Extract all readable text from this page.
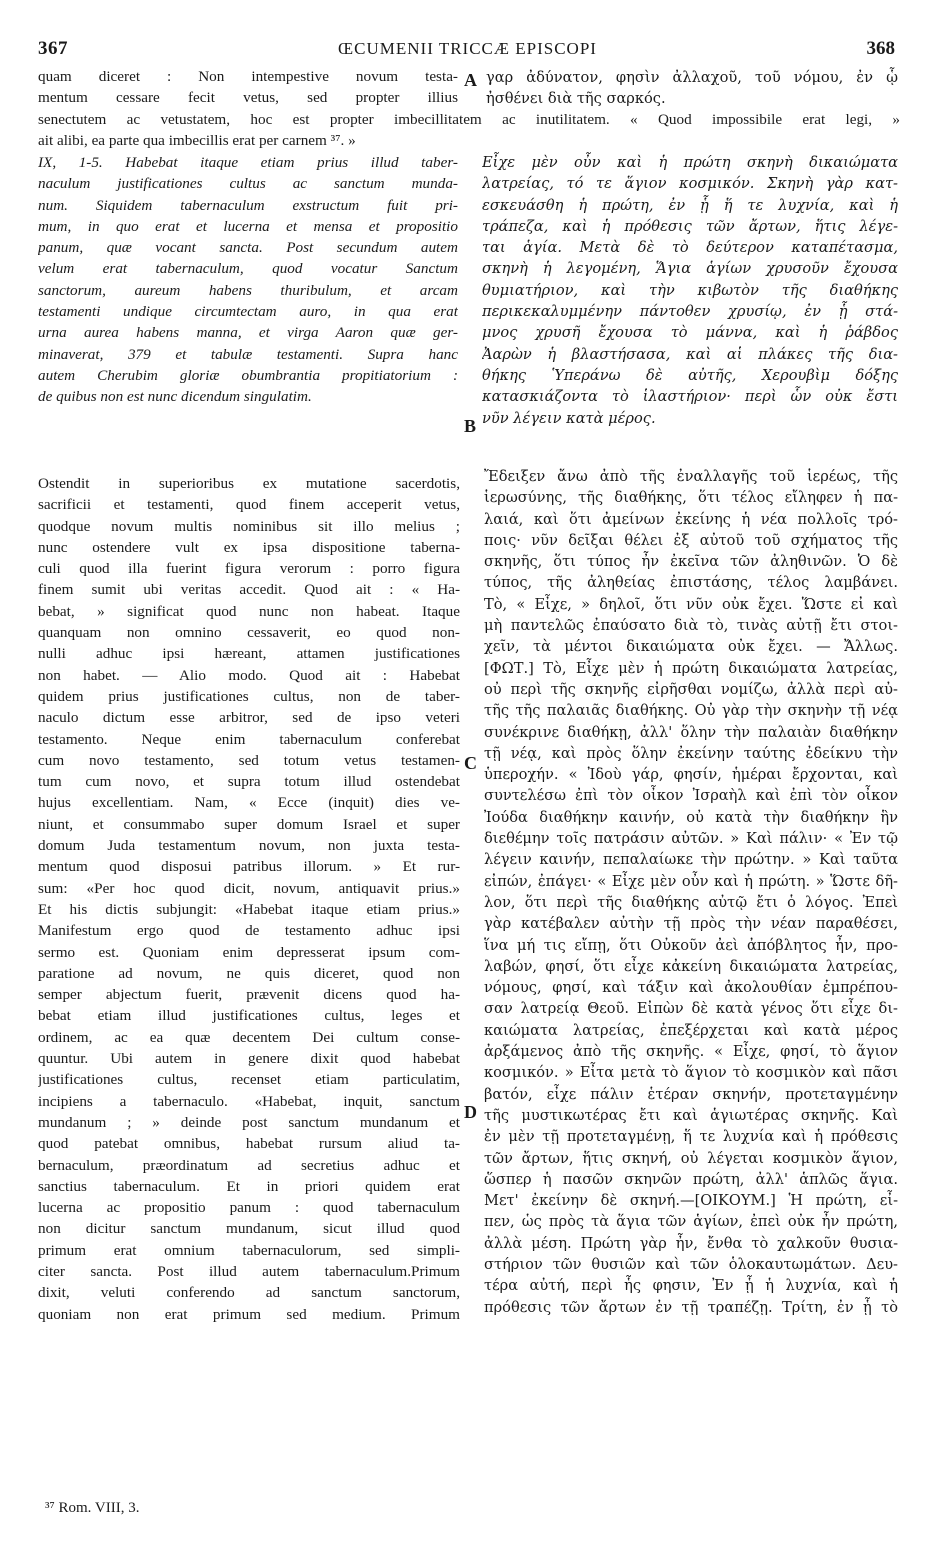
367	ŒCUMENII TRICCÆ EPISCOPI	368
quam diceret : Non intempestive novum testa-
mentum cessare fecit vetus, sed propter illius
γαρ ἀδύνατον, φησὶν ἀλλαχοῦ, τοῦ νόμου, ἐν ᾧ
ἠσθένει διὰ τῆς σαρκός.
senectutem ac vetustatem, hoc est propter imbecillitatem ac inutilitatem. « Quod impossibile erat legi, »
ait alibi, ea parte qua imbecillis erat per carnem ³⁷. »
IX, 1-5. Habebat itaque etiam prius illud taber-
naculum justificationes cultus ac sanctum munda-
num. Siquidem tabernaculum exstructum fuit pri-
mum, in quo erat et lucerna et mensa et propositio
panum, quæ vocant sancta. Post secundum autem
velum erat tabernaculum, quod vocatur Sanctum
sanctorum, aureum habens thuribulum, et arcam
testamenti undique circumtectam auro, in qua erat
urna aurea habens manna, et virga Aaron quæ ger-
minaverat, 379 et tabulæ testamenti. Supra hanc
autem Cherubim gloriæ obumbrantia propitiatorium :
de quibus non est nunc dicendum singulatim.
Εἶχε μὲν οὖν καὶ ἡ πρώτη σκηνὴ δικαιώματα
λατρείας, τό τε ἅγιον κοσμικόν. Σκηνὴ γὰρ κατ-
εσκευάσθη ἡ πρώτη, ἐν ᾗ ἥ τε λυχνία, καὶ ἡ
τράπεζα, καὶ ἡ πρόθεσις τῶν ἄρτων, ἥτις λέγε-
ται ἁγία. Μετὰ δὲ τὸ δεύτερον καταπέτασμα,
σκηνὴ ἡ λεγομένη, Ἅγια ἁγίων χρυσοῦν ἔχουσα
θυμιατήριον, καὶ τὴν κιβωτὸν τῆς διαθήκης
περικεκαλυμμένην πάντοθεν χρυσίῳ, ἐν ᾗ στά-
μνος χρυσῆ ἔχουσα τὸ μάννα, καὶ ἡ ῥάβδος
Ἀαρὼν ἡ βλαστήσασα, καὶ αἱ πλάκες τῆς δια-
θήκης Ὑπεράνω δὲ αὐτῆς, Χερουβὶμ δόξης
κατασκιάζοντα τὸ ἱλαστήριον· περὶ ὧν οὐκ ἔστι
νῦν λέγειν κατὰ μέρος.
Ostendit in superioribus ex mutatione sacerdotis,
sacrificii et testamenti, quod finem acceperit vetus,
quodque novum multis nominibus sit illo melius ;
nunc ostendere vult ex ipsa dispositione taberna-
culi quod illa fuerint figura verorum : porro figura
finem sumit ubi veritas accedit. Quod ait : « Ha-
bebat, » significat quod nunc non habeat. Itaque
quanquam non omnino cessaverit, eo quod non-
nulli adhuc ipsi hæreant, attamen justificationes
non habet. — Alio modo. Quod ait : Habebat
quidem prius justificationes cultus, non de taber-
naculo dictum esse arbitror, sed de ipso veteri
testamento. Neque enim tabernaculum conferebat
cum novo testamento, sed totum vetus testamen-
tum cum novo, et supra totum illud ostendebat
hujus excellentiam. Nam, « Ecce (inquit) dies ve-
niunt, et consummabo super domum Israel et super
domum Juda testamentum novum, non juxta testa-
mentum quod disposui patribus illorum. » Et rur-
sum: «Per hoc quod dicit, novum, antiquavit prius.»
Et his dictis subjungit: «Habebat itaque etiam prius.»
Manifestum ergo quod de testamento adhuc ipsi
sermo est. Quoniam enim depresserat ipsum com-
paratione ad novum, ne quis diceret, quod non
semper abjectum fuerit, prævenit dicens quod ha-
bebat etiam illud justificationes cultus, leges et
ordinem, ac ea quæ decentem Dei cultum conse-
quuntur. Ubi autem in genere dixit quod habebat
justificationes cultus, recenset etiam particulatim,
incipiens a tabernaculo. «Habebat, inquit, sanctum
mundanum ; » deinde post sanctum mundanum et
quod patebat omnibus, habebat rursum aliud ta-
bernaculum, præordinatum ad secretius adhuc et
sanctius tabernaculum. Et in priori quidem erat
lucerna ac propositio panum : quod tabernaculum
non dicitur sanctum mundanum, sicut illud quod
primum erat omnium tabernaculorum, sed simpli-
citer sancta. Post illud autem tabernaculum.Primum
dixit, veluti conferendo ad sanctum sanctorum,
quoniam non erat primum sed medium. Primum
Ἔδειξεν ἄνω ἀπὸ τῆς ἐναλλαγῆς τοῦ ἱερέως, τῆς
ἱερωσύνης, τῆς διαθήκης, ὅτι τέλος εἴληφεν ἡ πα-
λαιά, καὶ ὅτι ἀμείνων ἐκείνης ἡ νέα πολλοῖς τρό-
ποις· νῦν δεῖξαι θέλει ἐξ αὐτοῦ τοῦ σχήματος τῆς
σκηνῆς, ὅτι τύπος ἦν ἐκεῖνα τῶν ἀληθινῶν. Ὁ δὲ
τύπος, τῆς ἀληθείας ἐπιστάσης, τέλος λαμβάνει.
Τὸ, « Εἶχε, » δηλοῖ, ὅτι νῦν οὐκ ἔχει. Ὥστε εἰ καὶ
μὴ παντελῶς ἐπαύσατο διὰ τὸ, τινὰς αὐτῇ ἔτι στοι-
χεῖν, τὰ μέντοι δικαιώματα οὐκ ἔχει. — Ἄλλως.
[ΦΩΤ.] Τὸ, Εἶχε μὲν ἡ πρώτη δικαιώματα λατρείας,
οὐ περὶ τῆς σκηνῆς εἰρῆσθαι νομίζω, ἀλλὰ περὶ αὐ-
τῆς τῆς παλαιᾶς διαθήκης. Οὐ γὰρ τὴν σκηνὴν τῇ νέᾳ
συνέκρινε διαθήκῃ, ἀλλ' ὅλην τὴν παλαιὰν διαθήκην
τῇ νέᾳ, καὶ πρὸς ὅλην ἐκείνην ταύτης ἐδείκνυ τὴν
ὑπεροχήν. « Ἰδοὺ γάρ, φησίν, ἡμέραι ἔρχονται, καὶ
συντελέσω ἐπὶ τὸν οἶκον Ἰσραὴλ καὶ ἐπὶ τὸν οἶκον
Ἰούδα διαθήκην καινήν, οὐ κατὰ τὴν διαθήκην ἣν
διεθέμην τοῖς πατράσιν αὐτῶν. » Καὶ πάλιν· « Ἐν τῷ
λέγειν καινήν, πεπαλαίωκε τὴν πρώτην. » Καὶ ταῦτα
εἰπών, ἐπάγει· « Εἶχε μὲν οὖν καὶ ἡ πρώτη. » Ὥστε δῆ-
λον, ὅτι περὶ τῆς διαθήκης αὐτῷ ἔτι ὁ λόγος. Ἐπεὶ
γὰρ κατέβαλεν αὐτὴν τῇ πρὸς τὴν νέαν παραθέσει,
ἵνα μή τις εἴπῃ, ὅτι Οὐκοῦν ἀεὶ ἀπόβλητος ἦν, προ-
λαβών, φησί, ὅτι εἶχε κἀκείνη δικαιώματα λατρείας,
νόμους, φησί, καὶ τάξιν καὶ ἀκολουθίαν ἐμπρέπου-
σαν λατρείᾳ Θεοῦ. Εἰπὼν δὲ κατὰ γένος ὅτι εἶχε δι-
καιώματα λατρείας, ἐπεξέρχεται καὶ κατὰ μέρος
ἀρξάμενος ἀπὸ τῆς σκηνῆς. « Εἶχε, φησί, τὸ ἅγιον
κοσμικόν. » Εἶτα μετὰ τὸ ἅγιον τὸ κοσμικὸν καὶ πᾶσι
βατόν, εἶχε πάλιν ἑτέραν σκηνήν, προτεταγμένην
τῆς μυστικωτέρας ἔτι καὶ ἁγιωτέρας σκηνῆς. Καὶ
ἐν μὲν τῇ προτεταγμένῃ, ἥ τε λυχνία καὶ ἡ πρόθεσις
τῶν ἄρτων, ἥτις σκηνή, οὐ λέγεται κοσμικὸν ἅγιον,
ὥσπερ ἡ πασῶν σκηνῶν πρώτη, ἀλλ' ἁπλῶς ἅγια.
Μετ' ἐκείνην δὲ σκηνή.—[ΟΙΚΟΥΜ.] Ἡ πρώτη, εἶ-
πεν, ὡς πρὸς τὰ ἅγια τῶν ἁγίων, ἐπεὶ οὐκ ἦν πρώτη,
ἀλλὰ μέση. Πρώτη γὰρ ἦν, ἔνθα τὸ χαλκοῦν θυσια-
στήριον τῶν θυσιῶν καὶ τῶν ὁλοκαυτωμάτων. Δευ-
τέρα αὐτή, περὶ ἧς φησιν, Ἐν ᾗ ἡ λυχνία, καὶ ἡ
πρόθεσις τῶν ἄρτων ἐν τῇ τραπέζῃ. Τρίτη, ἐν ᾗ τὸ
A
B
C
D
³⁷ Rom. VIII, 3.
